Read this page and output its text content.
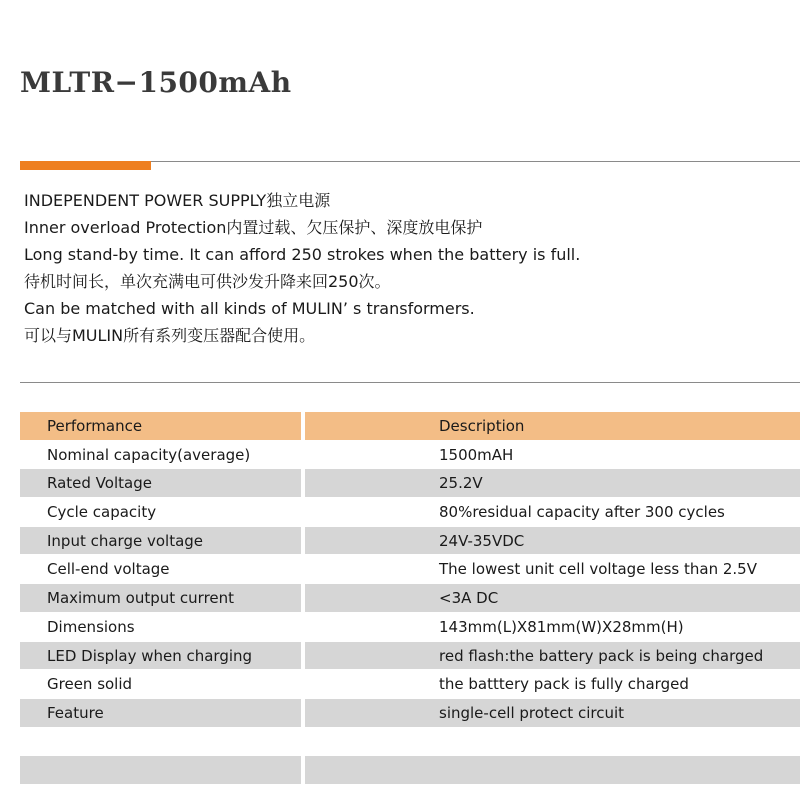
MLTR−1500mAh
INDEPENDENT POWER SUPPLY独立电源
Inner overload Protection内置过载、欠压保护、深度放电保护
Long stand-by time. It can afford 250 strokes when the battery is full.
待机时间长，单次充满电可供沙发升降来回250次。
Can be matched with all kinds of MULIN’ s transformers.
可以与MULIN所有系列变压器配合使用。
Performance	Description
Nominal capacity(average)	1500mAH
Rated Voltage	25.2V
Cycle capacity	80%residual capacity after 300 cycles
Input charge voltage	24V-35VDC
Cell-end voltage	The lowest unit cell voltage less than 2.5V
Maximum output current	<3A DC
Dimensions	143mm(L)X81mm(W)X28mm(H)
LED Display when charging	red flash:the battery pack is being charged
Green solid	the batttery pack is fully charged
Feature	single-cell protect circuit
